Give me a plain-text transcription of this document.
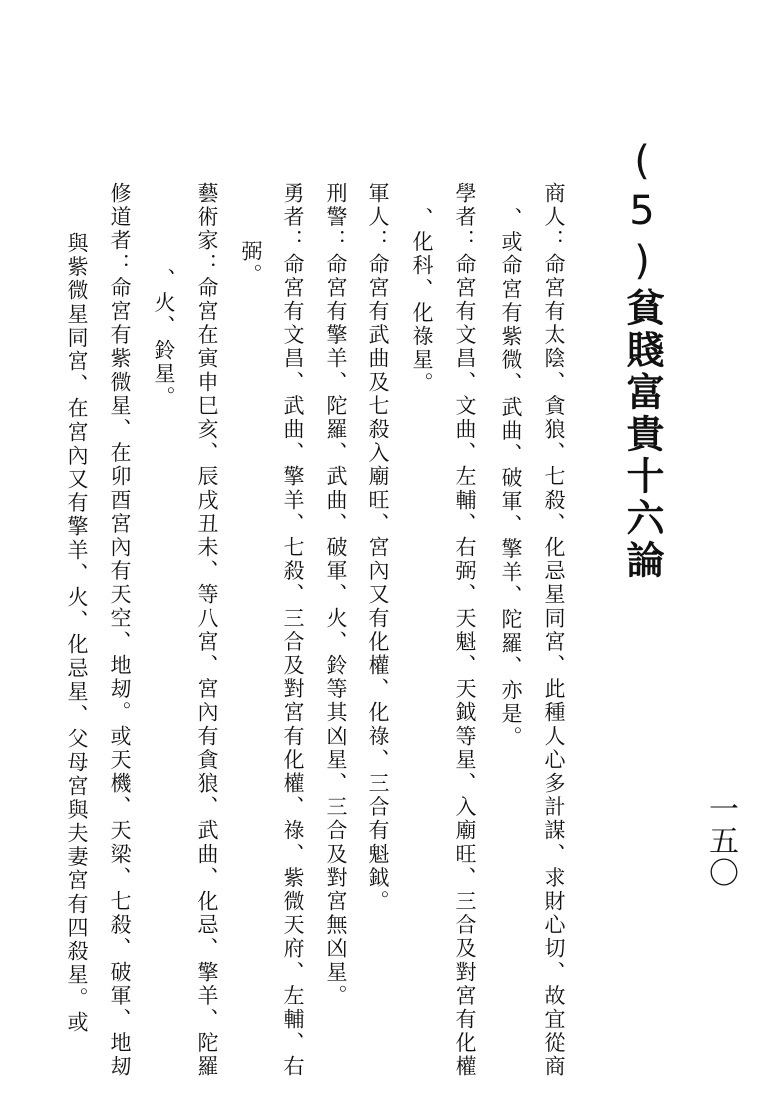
(5)貧賤富貴十六論
一五〇
商人：命宮有太陰、貪狼、七殺、化忌星同宮、此種人心多計謀、求財心切、故宜從商
、或命宮有紫微、武曲、破軍、擎羊、陀羅、亦是。
學者：命宮有文昌、文曲、左輔、右弼、天魁、天鉞等星、入廟旺、三合及對宮有化權
、化科、化祿星。
軍人：命宮有武曲及七殺入廟旺、宮內又有化權、化祿、三合有魁鉞。
刑警：命宮有擎羊、陀羅、武曲、破軍、火、鈴等其凶星、三合及對宮無凶星。
勇者：命宮有文昌、武曲、擎羊、七殺、三合及對宮有化權、祿、紫微天府、左輔、右
弼。
藝術家：命宮在寅申巳亥、辰戌丑未、等八宮、宮內有貪狼、武曲、化忌、擎羊、陀羅
、火、鈴星。
修道者：命宮有紫微星、在卯酉宮內有天空、地刼。或天機、天梁、七殺、破軍、地刼
與紫微星同宮、在宮內又有擎羊、火、化忌星、父母宮與夫妻宮有四殺星。或
